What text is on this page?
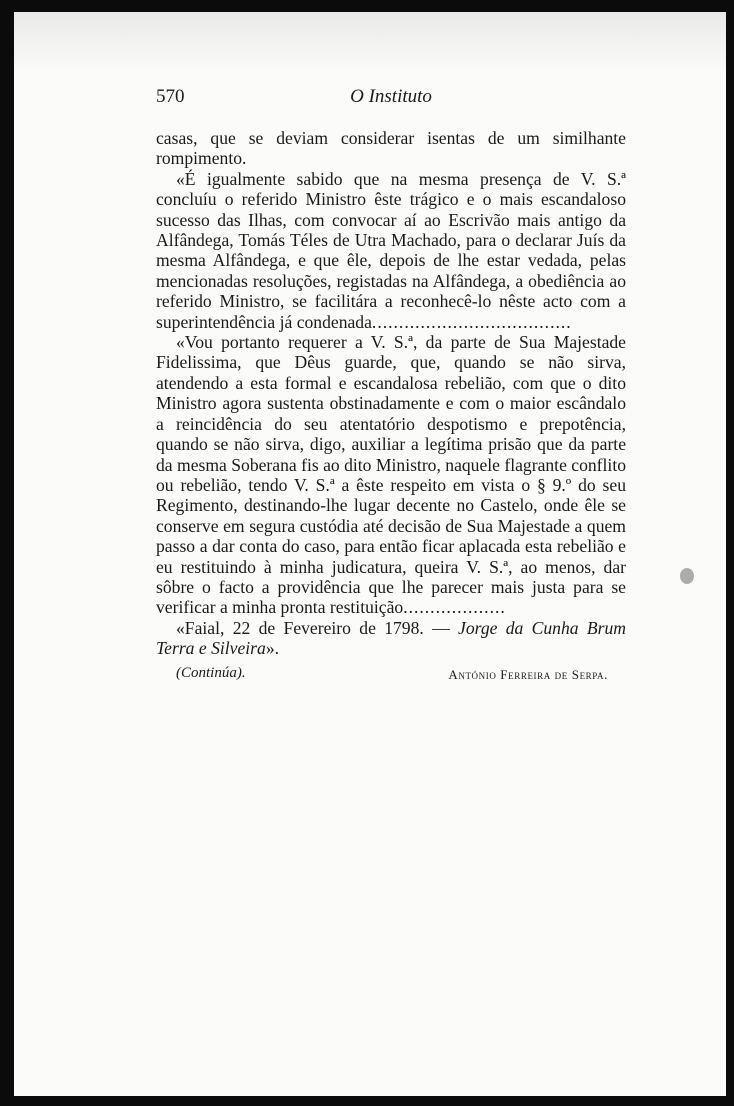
570	O Instituto

casas, que se deviam considerar isentas de um similhante rompimento.

«É igualmente sabido que na mesma presença de V. S.ª concluíu o referido Ministro êste trágico e o mais escandaloso sucesso das Ilhas, com convocar aí ao Escrivão mais antigo da Alfândega, Tomás Téles de Utra Machado, para o declarar Juís da mesma Alfândega, e que êle, depois de lhe estar vedada, pelas mencionadas resoluções, registadas na Alfândega, a obediência ao referido Ministro, se facilitára a reconhecê-lo nêste acto com a superintendência já condenada.....................................

«Vou portanto requerer a V. S.ª, da parte de Sua Majestade Fidelissima, que Dêus guarde, que, quando se não sirva, atendendo a esta formal e escandalosa rebelião, com que o dito Ministro agora sustenta obstinadamente e com o maior escândalo a reincidência do seu atentatório despotismo e prepotência, quando se não sirva, digo, auxiliar a legítima prisão que da parte da mesma Soberana fis ao dito Ministro, naquele flagrante conflito ou rebelião, tendo V. S.ª a êste respeito em vista o § 9.º do seu Regimento, destinando-lhe lugar decente no Castelo, onde êle se conserve em segura custódia até decisão de Sua Majestade a quem passo a dar conta do caso, para então ficar aplacada esta rebelião e eu restituindo à minha judicatura, queira V. S.ª, ao menos, dar sôbre o facto a providência que lhe parecer mais justa para se verificar a minha pronta restituição...................

«Faial, 22 de Fevereiro de 1798. — Jorge da Cunha Brum Terra e Silveira».

(Continúa).	António Ferreira de Serpa.
